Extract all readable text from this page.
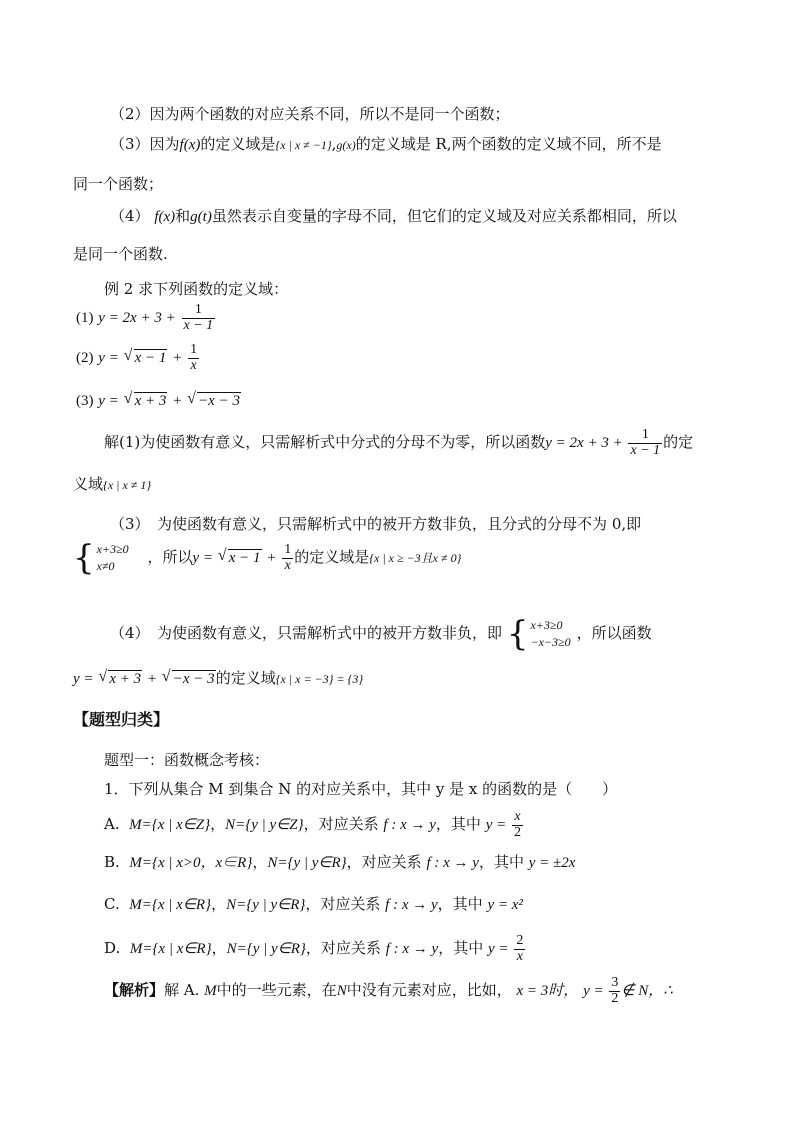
（2）因为两个函数的对应关系不同，所以不是同一个函数；
（3）因为f(x)的定义域是{x | x ≠ −1},g(x)的定义域是 R,两个函数的定义域不同，所不是
同一个函数；
（4） f(x)和g(t)虽然表示自变量的字母不同，但它们的定义域及对应关系都相同，所以
是同一个函数.
例 2 求下列函数的定义域：
(1) $y = 2x + 3 + \frac{1}{x - 1}$
(2) y = √ $x - 1 + \frac{1}{x}$
(3) y = √ x + 3 + √ −x − 3
解(1)为使函数有意义，只需解析式中分式的分母不为零，所以函数$y = 2x + 3 + \frac{1}{x - 1}$ 的定
义域{x | x ≠ 1}
（3）　为使函数有意义，只需解析式中的被开方数非负，且分式的分母不为 0,即
{ x+3≥0
x≠0	，所以y = √ $x - 1 + \frac{1}{x}$ 的定义域是{x | x ≥ −3且x ≠ 0}
（4）　为使函数有意义，只需解析式中的被开方数非负，即 { x+3≥0
−x−3≥0 ，所以函数
y = √ x + 3 + √ −x − 3的定义域{x | x = −3} = {3}
【题型归类】
题型一：函数概念考核：
1．下列从集合 M 到集合 N 的对应关系中，其中 y 是 x 的函数的是（　　）
A. M={x | x∈Z}，N={y | y∈Z}，对应关系 f : x → y，其中 $y = \frac{x}{2}$
B. M={x | x>0，x∈R}，N={y | y∈R}，对应关系 f : x → y，其中 y = ±2x
C. M={x | x∈R}，N={y | y∈R}，对应关系 f : x → y，其中 y = x²
D. M={x | x∈R}，N={y | y∈R}，对应关系 f : x → y，其中 $y = \frac{2}{x}$
【解析】解 A. M中的一些元素，在N中没有元素对应，比如， x = 3时， $y = \frac{3}{2}$ ∉ N，∴
